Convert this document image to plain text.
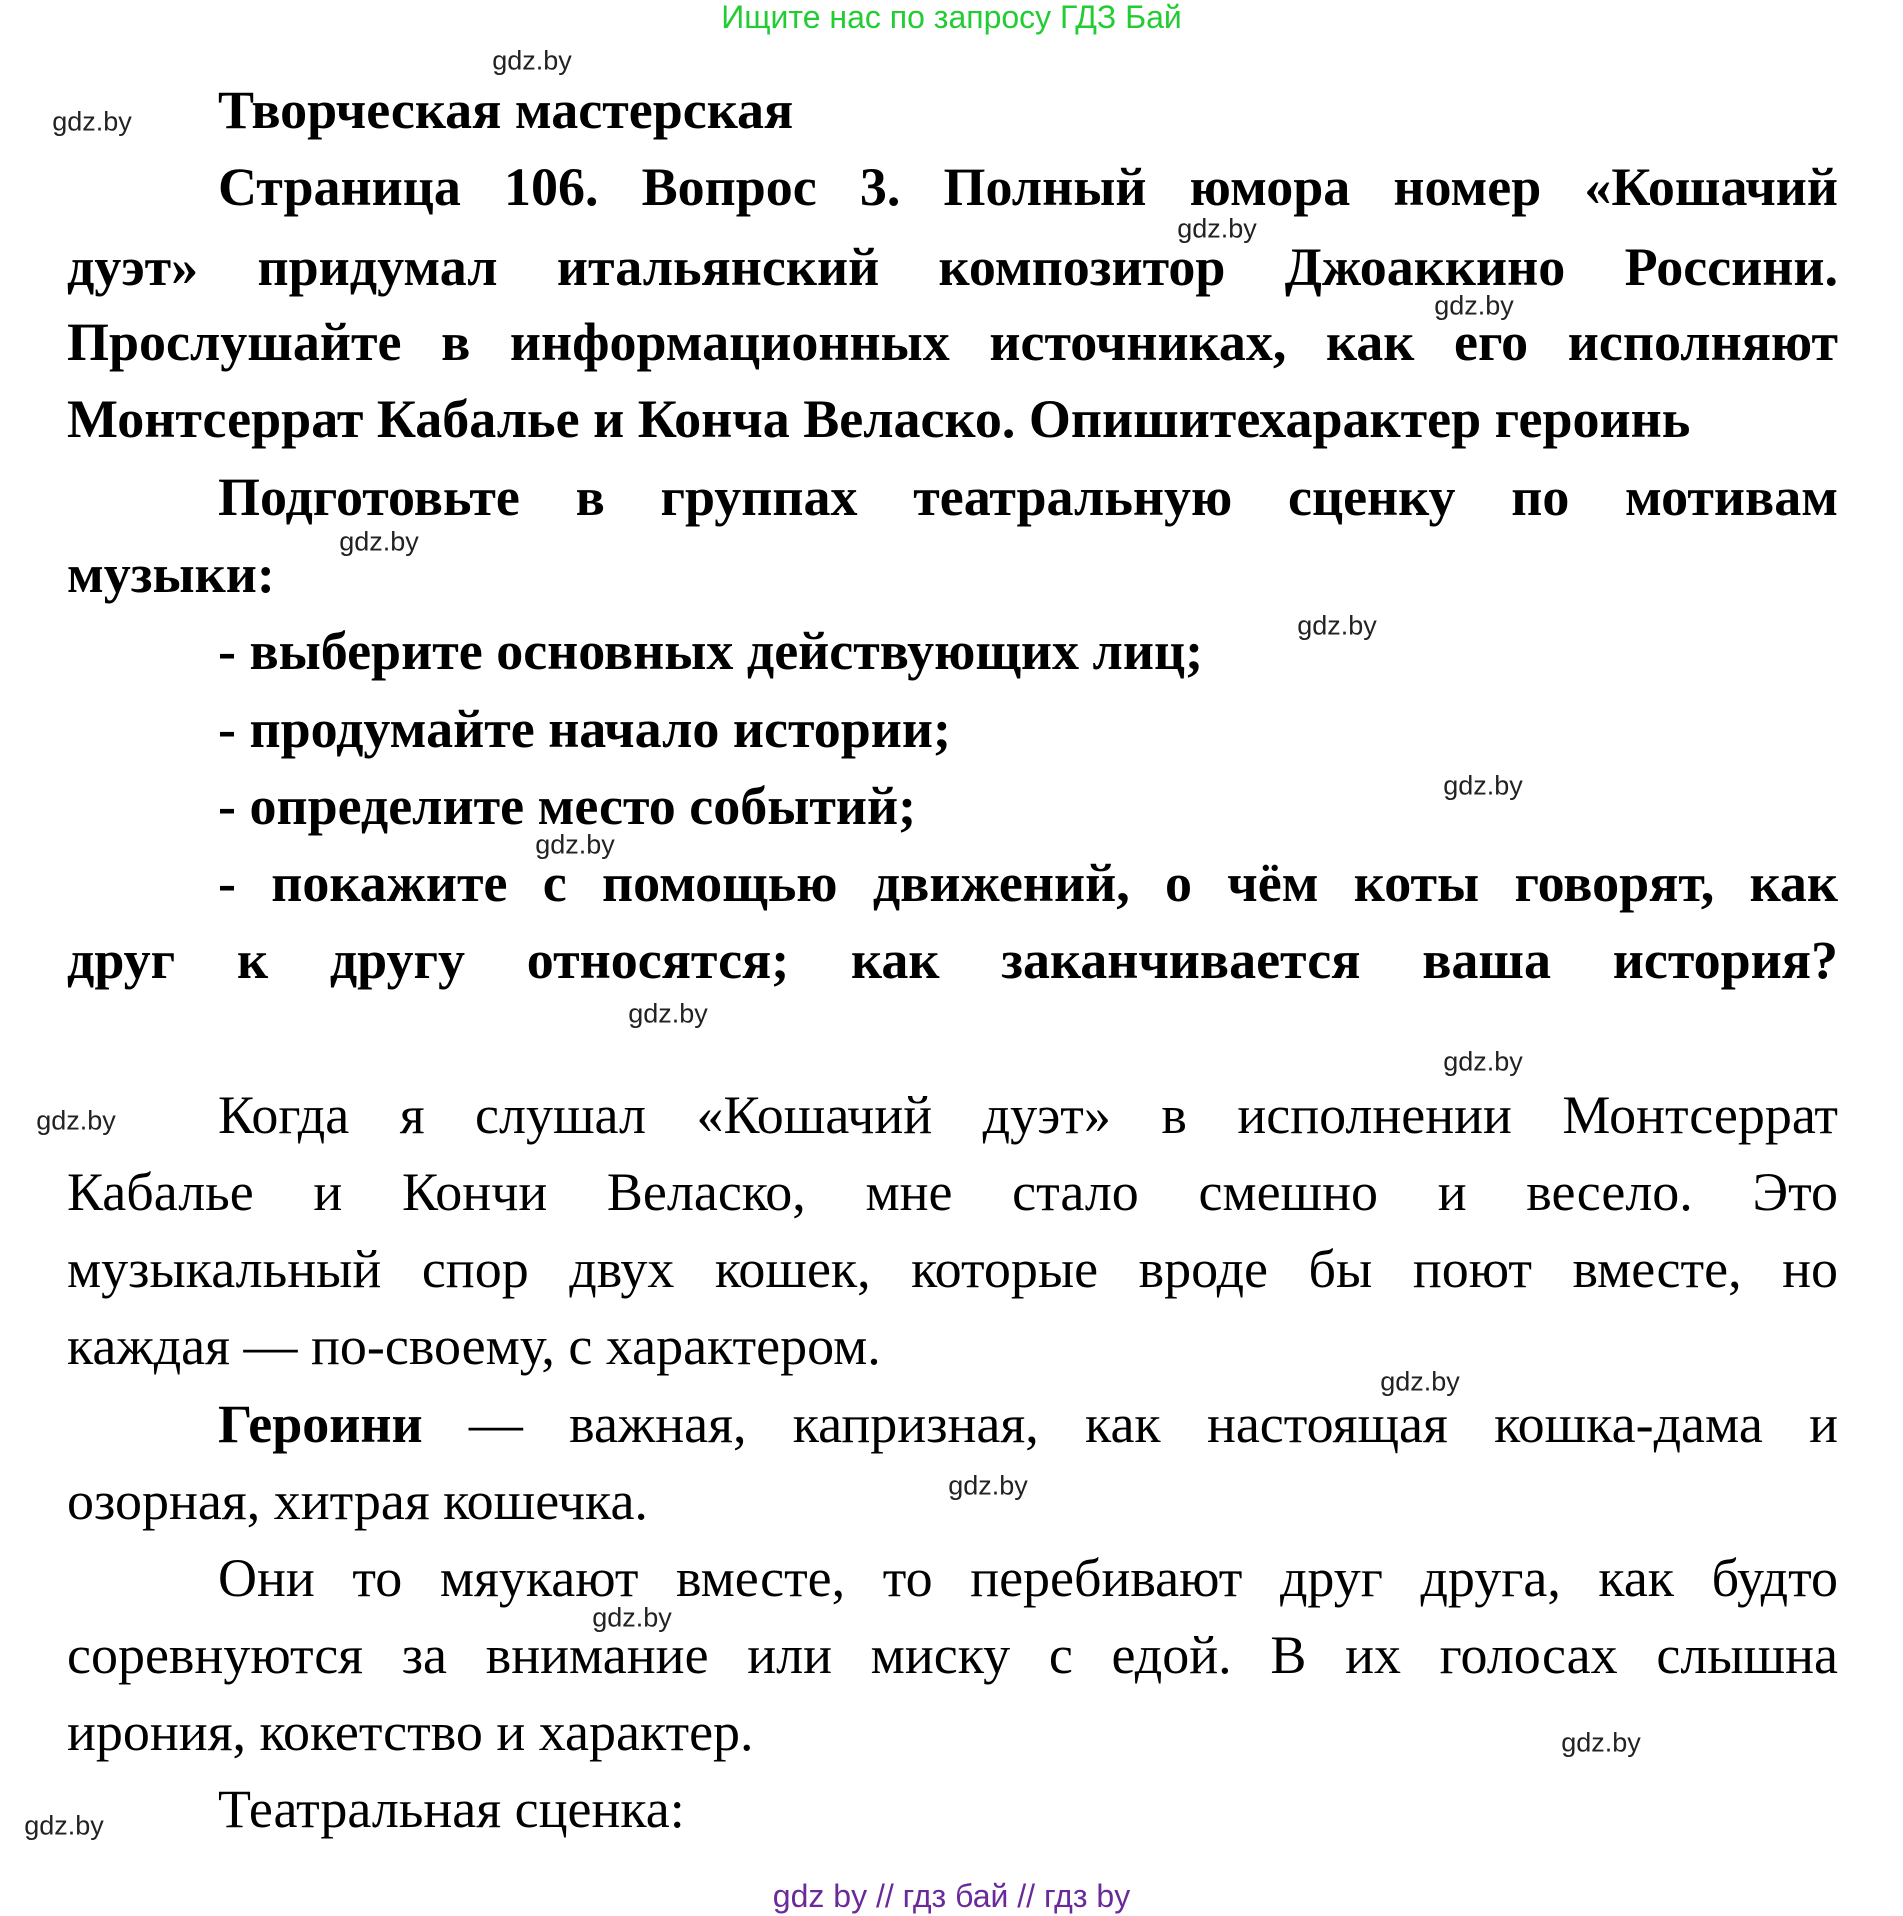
Ищите нас по запросу ГДЗ Бай
Творческая мастерская
Страница 106. Вопрос 3. Полный юмора номер «Кошачий
дуэт» придумал итальянский композитор Джоаккино Россини.
Прослушайте в информационных источниках, как его исполняют
Монтсеррат Кабалье и Конча Веласко. Опишитехарактер героинь
Подготовьте в группах театральную сценку по мотивам
музыки:
- выберите основных действующих лиц;
- продумайте начало истории;
- определите место событий;
- покажите с помощью движений, о чём коты говорят, как
друг к другу относятся; как заканчивается ваша история?
Когда я слушал «Кошачий дуэт» в исполнении Монтсеррат
Кабалье и Кончи Веласко, мне стало смешно и весело. Это
музыкальный спор двух кошек, которые вроде бы поют вместе, но
каждая — по-своему, с характером.
Героини — важная, капризная, как настоящая кошка-дама и
озорная, хитрая кошечка.
Они то мяукают вместе, то перебивают друг друга, как будто
соревнуются за внимание или миску с едой. В их голосах слышна
ирония, кокетство и характер.
Театральная сценка:
gdz.by
gdz.by
gdz.by
gdz.by
gdz.by
gdz.by
gdz.by
gdz.by
gdz.by
gdz.by
gdz.by
gdz.by
gdz.by
gdz.by
gdz.by
gdz.by
gdz by // гдз бай // гдз by
